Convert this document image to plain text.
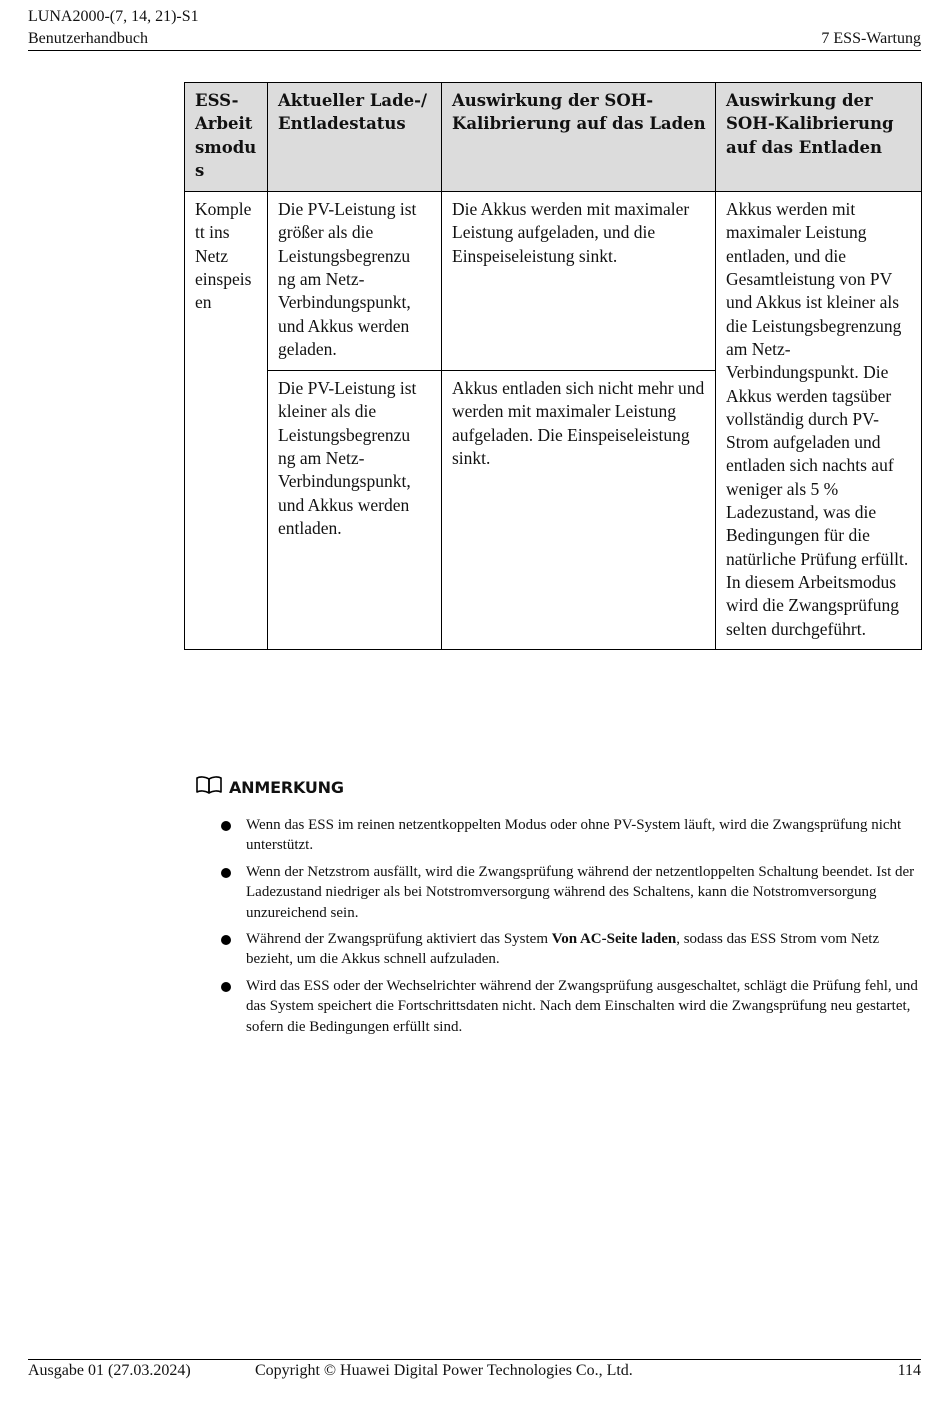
LUNA2000-(7, 14, 21)-S1
Benutzerhandbuch	7 ESS-Wartung
ESS-Arbeit smodu s	Aktueller Lade-/ Entladestatus	Auswirkung der SOH-Kalibrierung auf das Laden	Auswirkung der SOH-Kalibrierung auf das Entladen
Komple tt ins Netz einspeis en	Die PV-Leistung ist größer als die Leistungsbegrenzu ng am Netz-Verbindungspunkt, und Akkus werden geladen.	Die Akkus werden mit maximaler Leistung aufgeladen, und die Einspeiseleistung sinkt.	Akkus werden mit maximaler Leistung entladen, und die Gesamtleistung von PV und Akkus ist kleiner als die Leistungsbegrenzung am Netz-Verbindungspunkt. Die Akkus werden tagsüber vollständig durch PV-Strom aufgeladen und entladen sich nachts auf weniger als 5 % Ladezustand, was die Bedingungen für die natürliche Prüfung erfüllt. In diesem Arbeitsmodus wird die Zwangsprüfung selten durchgeführt.
	Die PV-Leistung ist kleiner als die Leistungsbegrenzu ng am Netz-Verbindungspunkt, und Akkus werden entladen.	Akkus entladen sich nicht mehr und werden mit maximaler Leistung aufgeladen. Die Einspeiseleistung sinkt.	
ANMERKUNG
Wenn das ESS im reinen netzentkoppelten Modus oder ohne PV-System läuft, wird die Zwangsprüfung nicht unterstützt.
Wenn der Netzstrom ausfällt, wird die Zwangsprüfung während der netzentloppelten Schaltung beendet. Ist der Ladezustand niedriger als bei Notstromversorgung während des Schaltens, kann die Notstromversorgung unzureichend sein.
Während der Zwangsprüfung aktiviert das System Von AC-Seite laden, sodass das ESS Strom vom Netz bezieht, um die Akkus schnell aufzuladen.
Wird das ESS oder der Wechselrichter während der Zwangsprüfung ausgeschaltet, schlägt die Prüfung fehl, und das System speichert die Fortschrittsdaten nicht. Nach dem Einschalten wird die Zwangsprüfung neu gestartet, sofern die Bedingungen erfüllt sind.
Ausgabe 01 (27.03.2024)	Copyright © Huawei Digital Power Technologies Co., Ltd.	114
